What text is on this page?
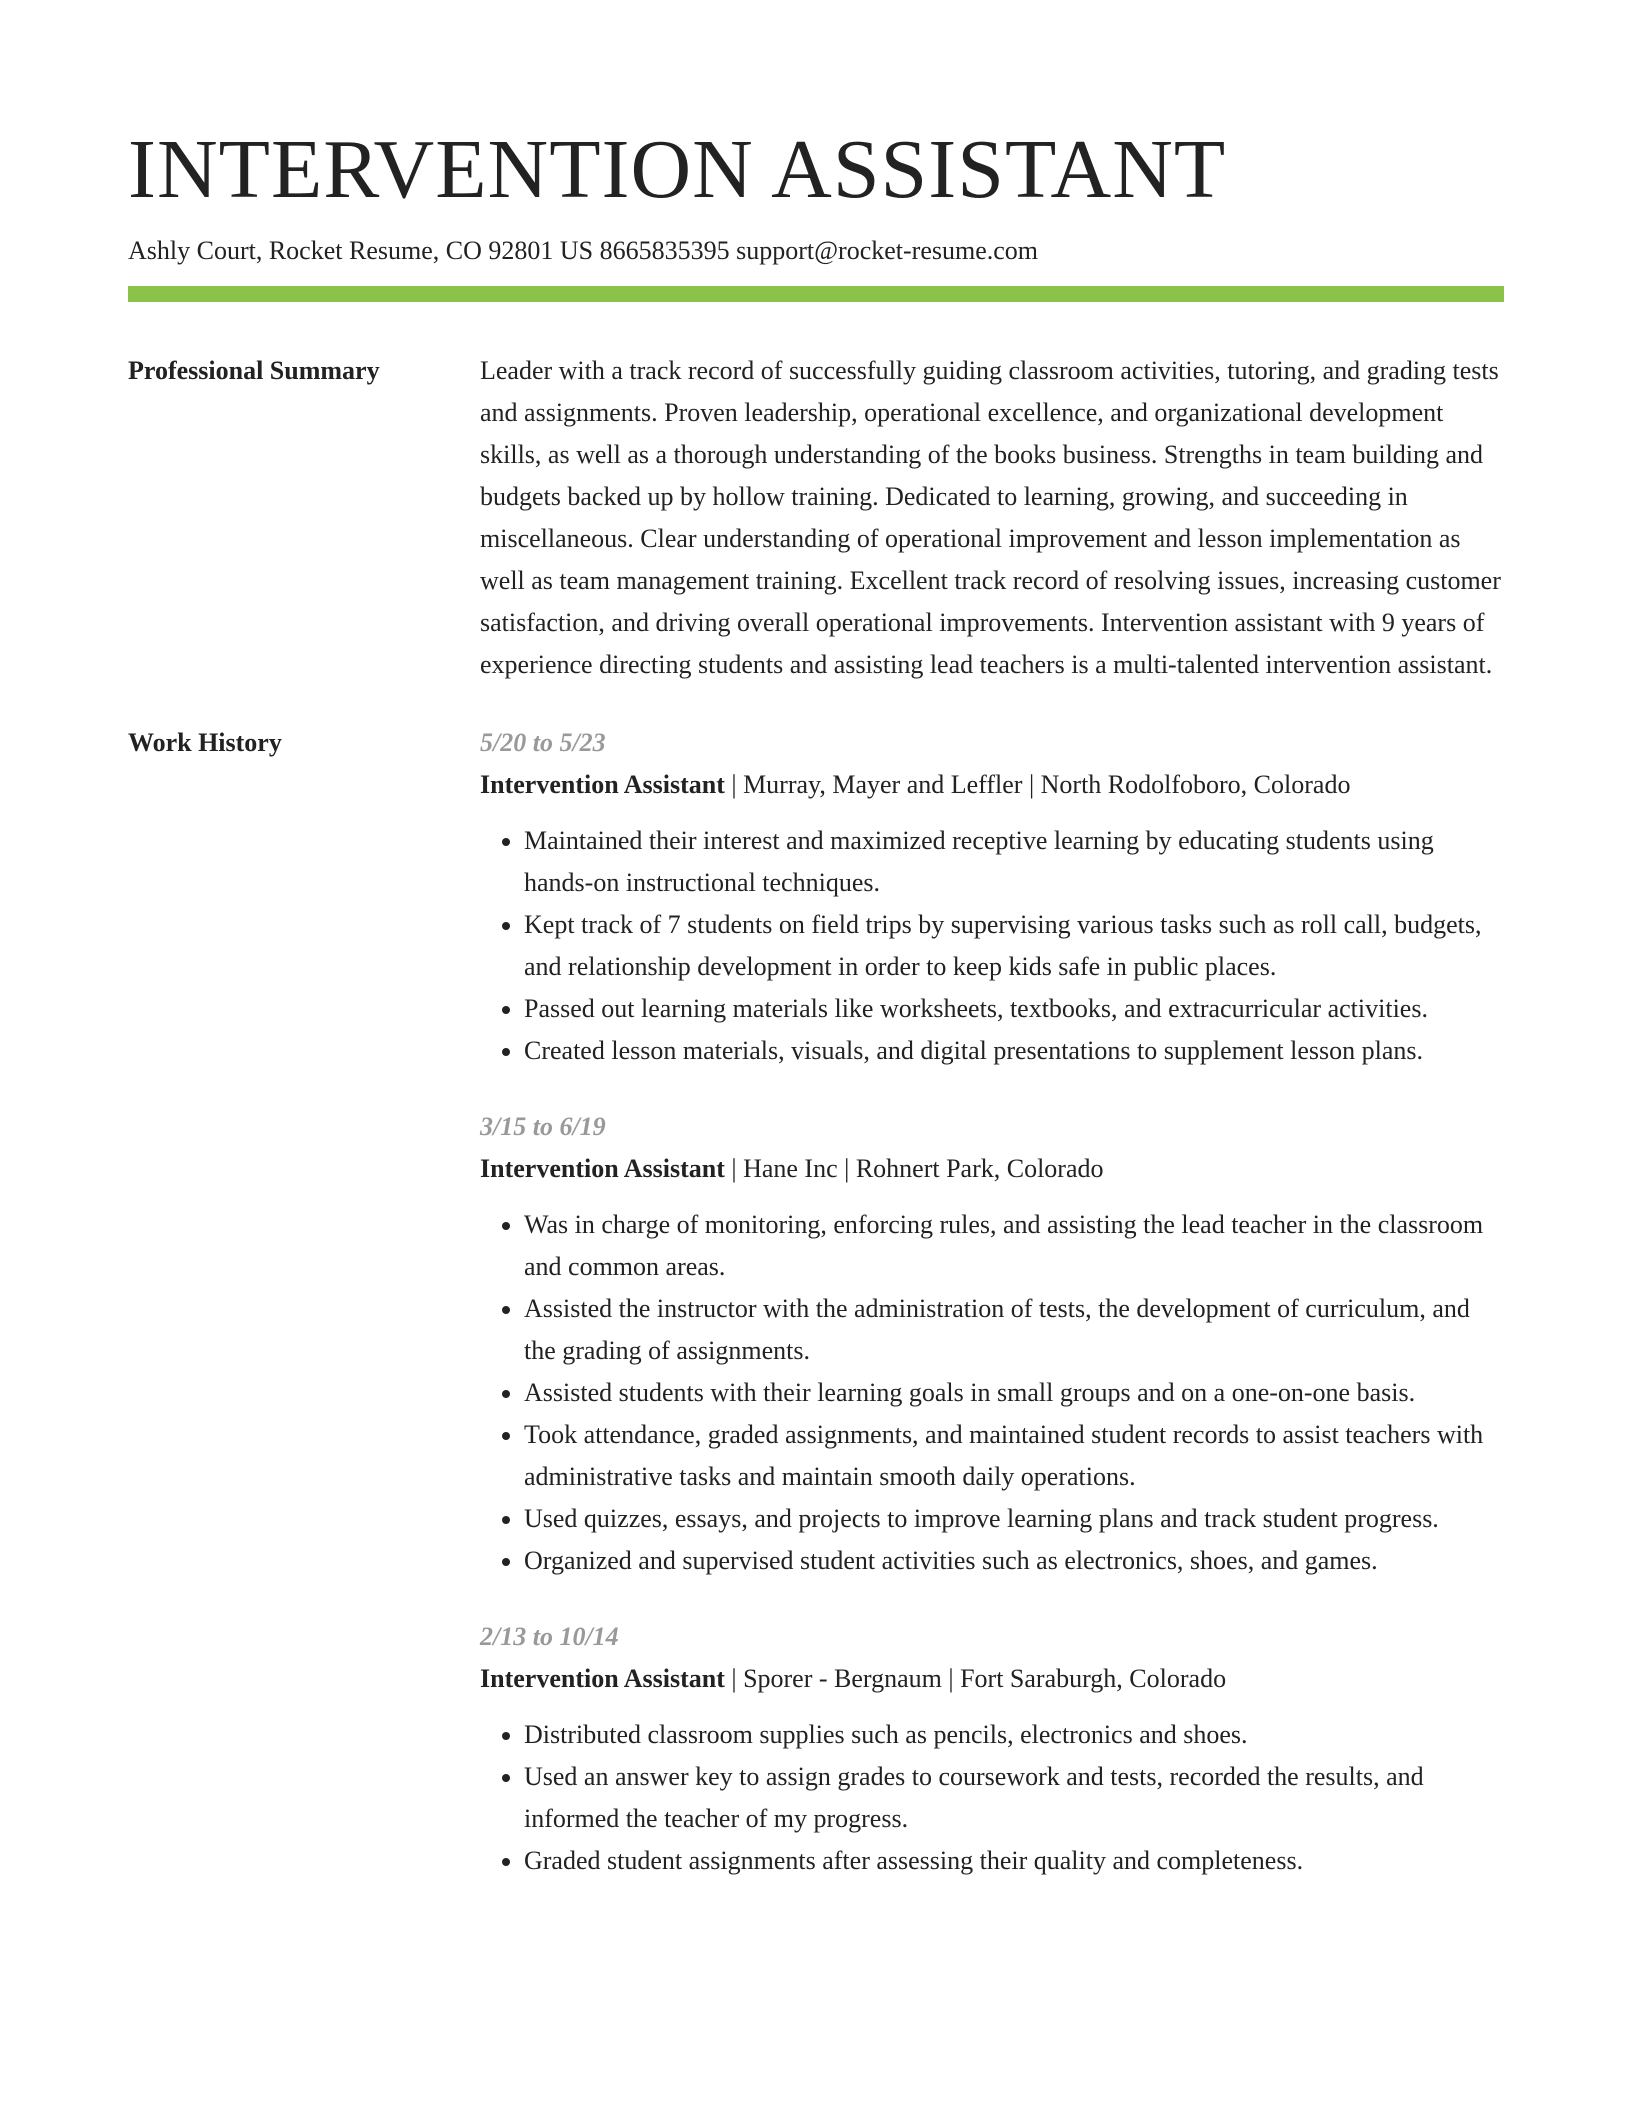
INTERVENTION ASSISTANT
Ashly Court, Rocket Resume, CO 92801 US 8665835395 support@rocket-resume.com
Professional Summary	Leader with a track record of successfully guiding classroom activities, tutoring, and grading tests and assignments. Proven leadership, operational excellence, and organizational development skills, as well as a thorough understanding of the books business. Strengths in team building and budgets backed up by hollow training. Dedicated to learning, growing, and succeeding in miscellaneous. Clear understanding of operational improvement and lesson implementation as well as team management training. Excellent track record of resolving issues, increasing customer satisfaction, and driving overall operational improvements. Intervention assistant with 9 years of experience directing students and assisting lead teachers is a multi-talented intervention assistant.

Work History	5/20 to 5/23
Intervention Assistant | Murray, Mayer and Leffler | North Rodolfoboro, Colorado
• Maintained their interest and maximized receptive learning by educating students using hands-on instructional techniques.
• Kept track of 7 students on field trips by supervising various tasks such as roll call, budgets, and relationship development in order to keep kids safe in public places.
• Passed out learning materials like worksheets, textbooks, and extracurricular activities.
• Created lesson materials, visuals, and digital presentations to supplement lesson plans.
3/15 to 6/19
Intervention Assistant | Hane Inc | Rohnert Park, Colorado
• Was in charge of monitoring, enforcing rules, and assisting the lead teacher in the classroom and common areas.
• Assisted the instructor with the administration of tests, the development of curriculum, and the grading of assignments.
• Assisted students with their learning goals in small groups and on a one-on-one basis.
• Took attendance, graded assignments, and maintained student records to assist teachers with administrative tasks and maintain smooth daily operations.
• Used quizzes, essays, and projects to improve learning plans and track student progress.
• Organized and supervised student activities such as electronics, shoes, and games.
2/13 to 10/14
Intervention Assistant | Sporer - Bergnaum | Fort Saraburgh, Colorado
• Distributed classroom supplies such as pencils, electronics and shoes.
• Used an answer key to assign grades to coursework and tests, recorded the results, and informed the teacher of my progress.
• Graded student assignments after assessing their quality and completeness.
